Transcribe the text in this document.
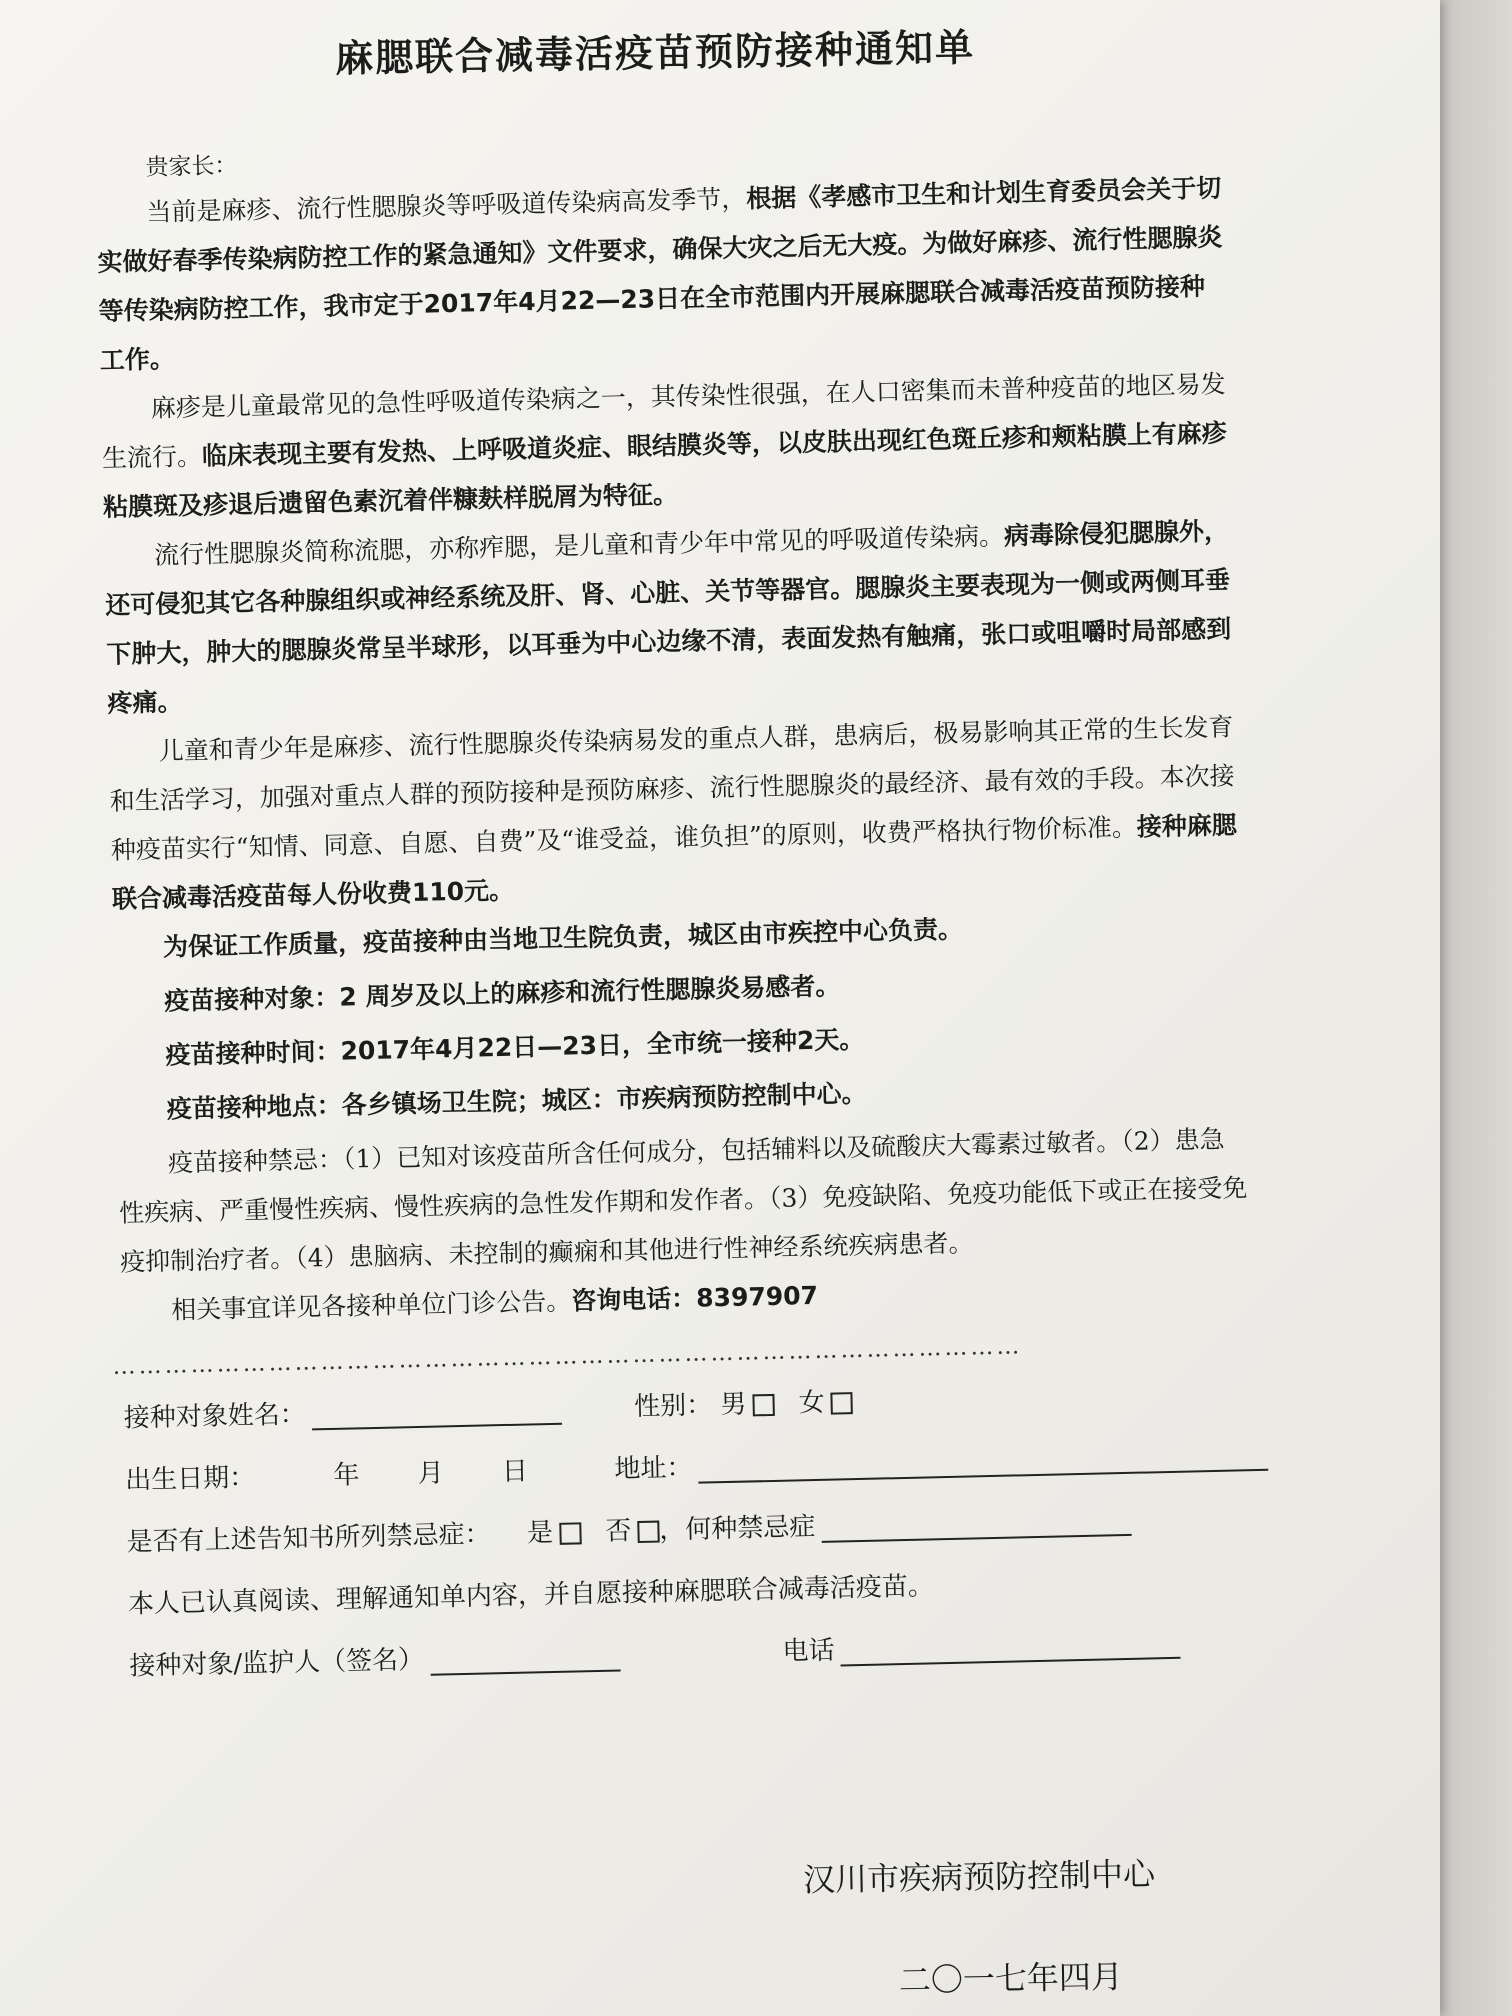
麻腮联合减毒活疫苗预防接种通知单
贵家长：

当前是麻疹、流行性腮腺炎等呼吸道传染病高发季节，根据《孝感市卫生和计划生育委员会关于切实做好春季传染病防控工作的紧急通知》文件要求，确保大灾之后无大疫。为做好麻疹、流行性腮腺炎等传染病防控工作，我市定于2017年4月22—23日在全市范围内开展麻腮联合减毒活疫苗预防接种工作。

麻疹是儿童最常见的急性呼吸道传染病之一，其传染性很强，在人口密集而未普种疫苗的地区易发生流行。临床表现主要有发热、上呼吸道炎症、眼结膜炎等，以皮肤出现红色斑丘疹和颊粘膜上有麻疹粘膜斑及疹退后遗留色素沉着伴糠麸样脱屑为特征。

流行性腮腺炎简称流腮，亦称痄腮，是儿童和青少年中常见的呼吸道传染病。病毒除侵犯腮腺外，还可侵犯其它各种腺组织或神经系统及肝、肾、心脏、关节等器官。腮腺炎主要表现为一侧或两侧耳垂下肿大，肿大的腮腺炎常呈半球形，以耳垂为中心边缘不清，表面发热有触痛，张口或咀嚼时局部感到疼痛。

儿童和青少年是麻疹、流行性腮腺炎传染病易发的重点人群，患病后，极易影响其正常的生长发育和生活学习，加强对重点人群的预防接种是预防麻疹、流行性腮腺炎的最经济、最有效的手段。本次接种疫苗实行“知情、同意、自愿、自费”及“谁受益，谁负担”的原则，收费严格执行物价标准。接种麻腮联合减毒活疫苗每人份收费110元。

为保证工作质量，疫苗接种由当地卫生院负责，城区由市疾控中心负责。

疫苗接种对象：2 周岁及以上的麻疹和流行性腮腺炎易感者。

疫苗接种时间：2017年4月22日—23日，全市统一接种2天。

疫苗接种地点：各乡镇场卫生院；城区：市疾病预防控制中心。

疫苗接种禁忌：（1）已知对该疫苗所含任何成分，包括辅料以及硫酸庆大霉素过敏者。（2）患急性疾病、严重慢性疾病、慢性疾病的急性发作期和发作者。（3）免疫缺陷、免疫功能低下或正在接受免疫抑制治疗者。（4）患脑病、未控制的癫痫和其他进行性神经系统疾病患者。

相关事宜详见各接种单位门诊公告。咨询电话：8397907

……………………………………………………………………………………………
接种对象姓名：	性别： 男 女
出生日期：	年 月 日	地址：
是否有上述告知书所列禁忌症： 是 否 ，何种禁忌症
本人已认真阅读、理解通知单内容，并自愿接种麻腮联合减毒活疫苗。
接种对象/监护人（签名）	电话
汉川市疾病预防控制中心
二〇一七年四月
